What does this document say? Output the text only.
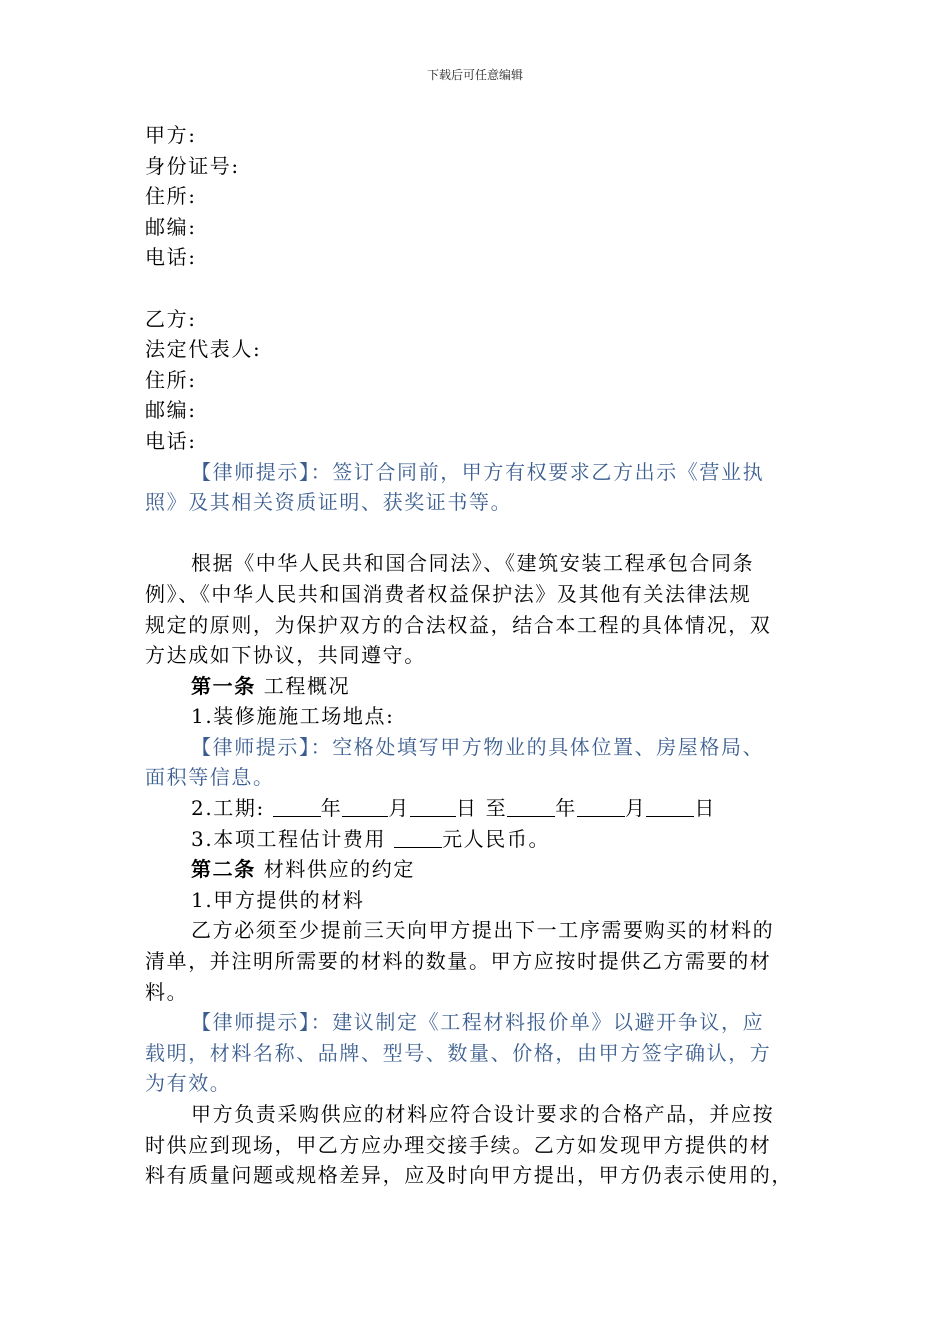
下载后可任意编辑
甲方:
身份证号:
住所:
邮编:
电话:
乙方:
法定代表人:
住所:
邮编:
电话:
【律师提示】：签订合同前，甲方有权要求乙方出示《营业执
照》及其相关资质证明、获奖证书等。
根据《中华人民共和国合同法》、《建筑安装工程承包合同条
例》、《中华人民共和国消费者权益保护法》及其他有关法律法规
规定的原则，为保护双方的合法权益，结合本工程的具体情况，双
方达成如下协议，共同遵守。
第一条 工程概况
1.装修施施工场地点:
【律师提示】：空格处填写甲方物业的具体位置、房屋格局、
面积等信息。
2.工期:	年 月 日 至 年 月 日
3.本项工程估计费用	元人民币。
第二条 材料供应的约定
1.甲方提供的材料
乙方必须至少提前三天向甲方提出下一工序需要购买的材料的
清单，并注明所需要的材料的数量。甲方应按时提供乙方需要的材
料。
【律师提示】：建议制定《工程材料报价单》以避开争议，应
载明，材料名称、品牌、型号、数量、价格，由甲方签字确认，方
为有效。
甲方负责采购供应的材料应符合设计要求的合格产品，并应按
时供应到现场，甲乙方应办理交接手续。乙方如发现甲方提供的材
料有质量问题或规格差异，应及时向甲方提出，甲方仍表示使用的，
